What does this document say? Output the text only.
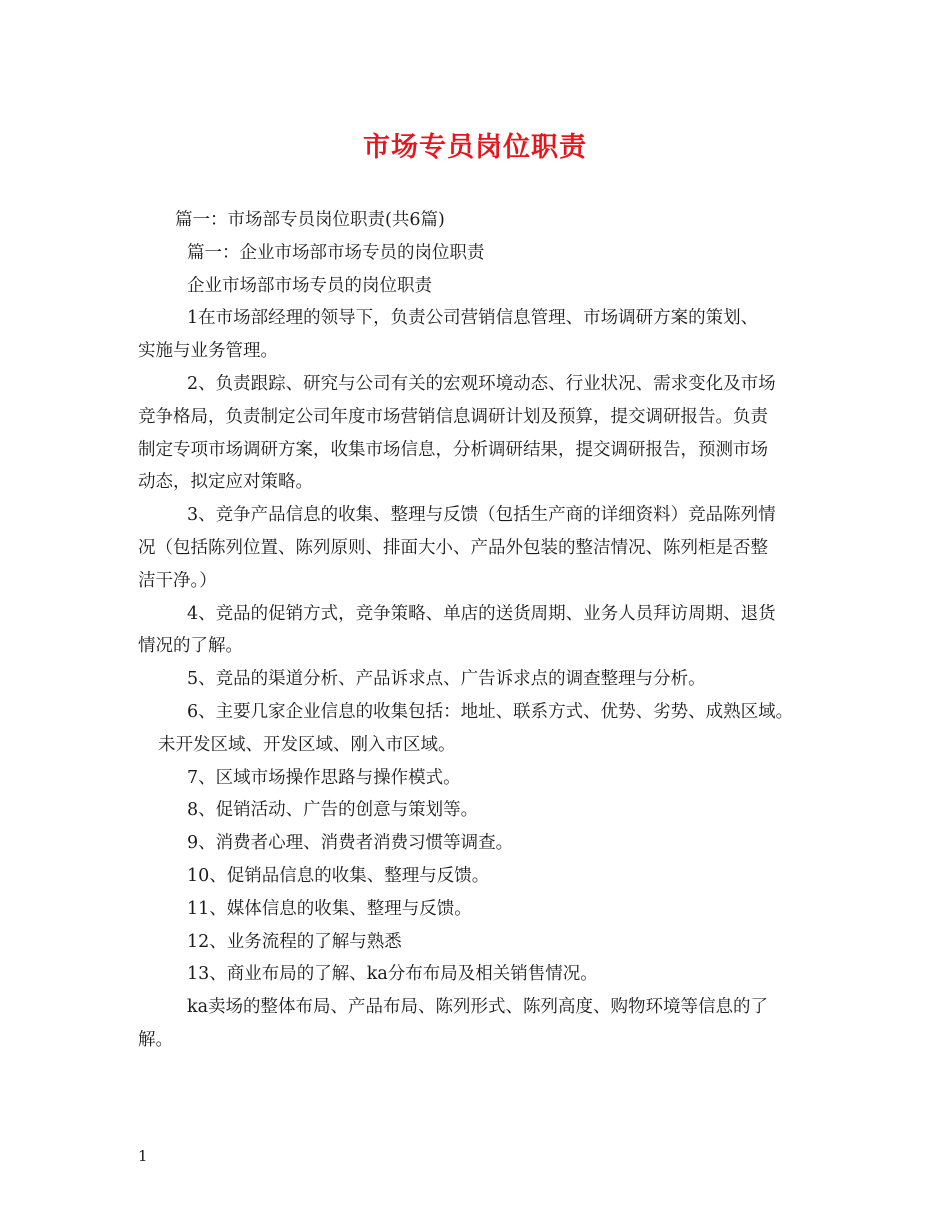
市场专员岗位职责
篇一：市场部专员岗位职责(共6篇)
篇一：企业市场部市场专员的岗位职责
企业市场部市场专员的岗位职责
1在市场部经理的领导下，负责公司营销信息管理、市场调研方案的策划、
实施与业务管理。
2、负责跟踪、研究与公司有关的宏观环境动态、行业状况、需求变化及市场
竞争格局，负责制定公司年度市场营销信息调研计划及预算，提交调研报告。负责
制定专项市场调研方案，收集市场信息，分析调研结果，提交调研报告，预测市场
动态，拟定应对策略。
3、竞争产品信息的收集、整理与反馈（包括生产商的详细资料）竞品陈列情
况（包括陈列位置、陈列原则、排面大小、产品外包装的整洁情况、陈列柜是否整
洁干净。）
4、竞品的促销方式，竞争策略、单店的送货周期、业务人员拜访周期、退货
情况的了解。
5、竞品的渠道分析、产品诉求点、广告诉求点的调查整理与分析。
6、主要几家企业信息的收集包括：地址、联系方式、优势、劣势、成熟区域。
未开发区域、开发区域、刚入市区域。
7、区域市场操作思路与操作模式。
8、促销活动、广告的创意与策划等。
9、消费者心理、消费者消费习惯等调查。
10、促销品信息的收集、整理与反馈。
11、媒体信息的收集、整理与反馈。
12、业务流程的了解与熟悉
13、商业布局的了解、ka分布布局及相关销售情况。
ka卖场的整体布局、产品布局、陈列形式、陈列高度、购物环境等信息的了
解。
1
